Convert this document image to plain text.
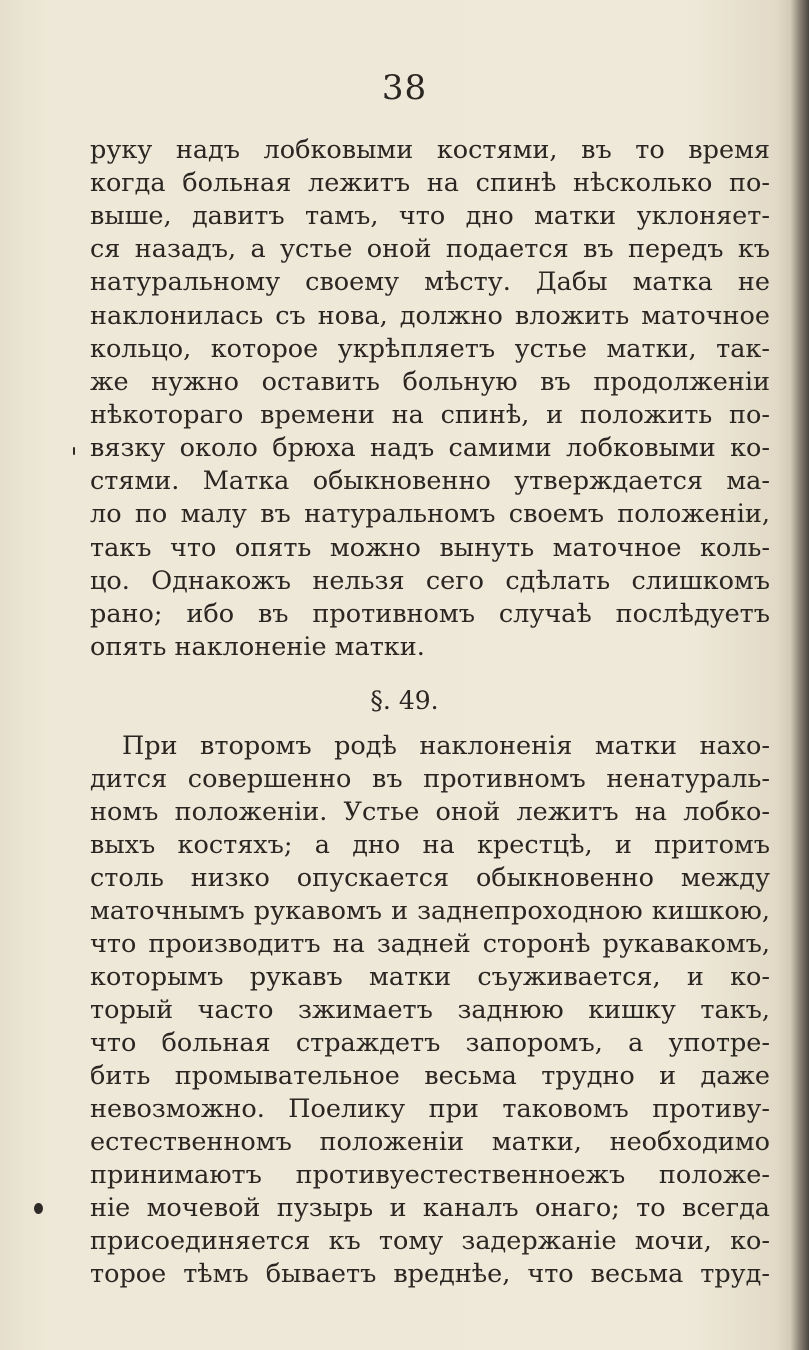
38
руку надъ лобковыми костями, въ то время
когда больная лежитъ на спинѣ нѣсколько по-
выше, давитъ тамъ, что дно матки уклоняет-
ся назадъ, а устье оной подается въ передъ къ
натуральному своему мѣсту. Дабы матка не
наклонилась съ нова, должно вложить маточное
кольцо, которое укрѣпляетъ устье матки, так-
же нужно оставить больную въ продолженiи
нѣкотораго времени на спинѣ, и положить по-
вязку около брюха надъ самими лобковыми ко-
стями. Матка обыкновенно утверждается ма-
ло по малу въ натуральномъ своемъ положенiи,
такъ что опять можно вынуть маточное коль-
цо. Однакожъ нельзя сего сдѣлать слишкомъ
рано; ибо въ противномъ случаѣ послѣдуетъ
опять наклоненiе матки.
§. 49.
При второмъ родѣ наклоненiя матки нахо-
дится совершенно въ противномъ ненатураль-
номъ положенiи. Устье оной лежитъ на лобко-
выхъ костяхъ; а дно на крестцѣ, и притомъ
столь низко опускается обыкновенно между
маточнымъ рукавомъ и заднепроходною кишкою,
что производитъ на задней сторонѣ рукавакомъ,
которымъ рукавъ матки съуживается, и ко-
торый часто зжимаетъ заднюю кишку такъ,
что больная страждетъ запоромъ, а употре-
бить промывательное весьма трудно и даже
невозможно. Поелику при таковомъ противу-
естественномъ положенiи матки, необходимо
принимаютъ противуестественноежъ положе-
нiе мочевой пузырь и каналъ онаго; то всегда
присоединяется къ тому задержанiе мочи, ко-
торое тѣмъ бываетъ вреднѣе, что весьма труд-
